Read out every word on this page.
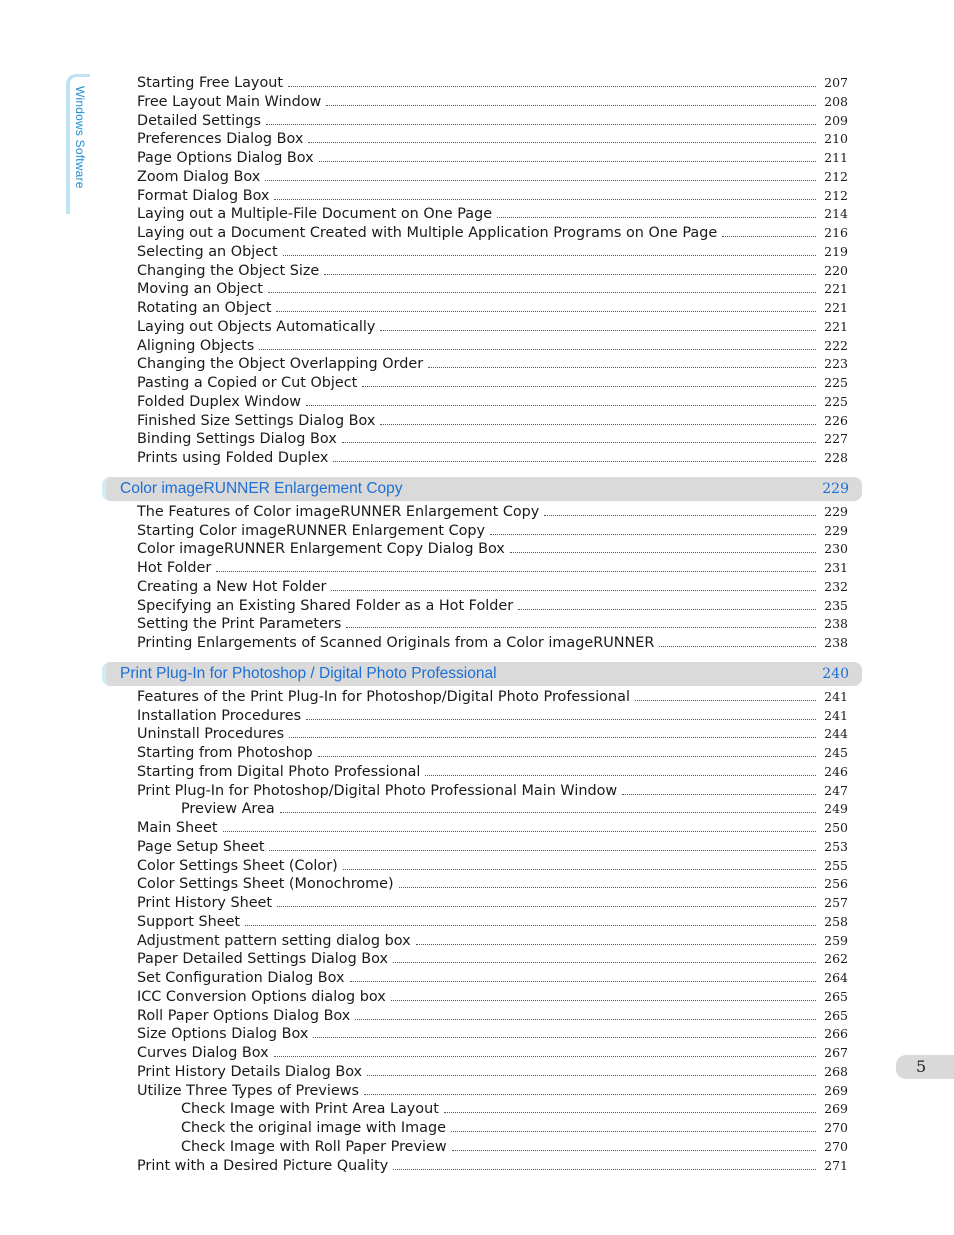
Windows Software
Starting Free Layout	207
Free Layout Main Window	208
Detailed Settings	209
Preferences Dialog Box	210
Page Options Dialog Box	211
Zoom Dialog Box	212
Format Dialog Box	212
Laying out a Multiple-File Document on One Page	214
Laying out a Document Created with Multiple Application Programs on One Page	216
Selecting an Object	219
Changing the Object Size	220
Moving an Object	221
Rotating an Object	221
Laying out Objects Automatically	221
Aligning Objects	222
Changing the Object Overlapping Order	223
Pasting a Copied or Cut Object	225
Folded Duplex Window	225
Finished Size Settings Dialog Box	226
Binding Settings Dialog Box	227
Prints using Folded Duplex	228
Color imageRUNNER Enlargement Copy	229
The Features of Color imageRUNNER Enlargement Copy	229
Starting Color imageRUNNER Enlargement Copy	229
Color imageRUNNER Enlargement Copy Dialog Box	230
Hot Folder	231
Creating a New Hot Folder	232
Specifying an Existing Shared Folder as a Hot Folder	235
Setting the Print Parameters	238
Printing Enlargements of Scanned Originals from a Color imageRUNNER	238
Print Plug-In for Photoshop / Digital Photo Professional	240
Features of the Print Plug-In for Photoshop/Digital Photo Professional	241
Installation Procedures	241
Uninstall Procedures	244
Starting from Photoshop	245
Starting from Digital Photo Professional	246
Print Plug-In for Photoshop/Digital Photo Professional Main Window	247
Preview Area	249
Main Sheet	250
Page Setup Sheet	253
Color Settings Sheet (Color)	255
Color Settings Sheet (Monochrome)	256
Print History Sheet	257
Support Sheet	258
Adjustment pattern setting dialog box	259
Paper Detailed Settings Dialog Box	262
Set Configuration Dialog Box	264
ICC Conversion Options dialog box	265
Roll Paper Options Dialog Box	265
Size Options Dialog Box	266
Curves Dialog Box	267
Print History Details Dialog Box	268
Utilize Three Types of Previews	269
Check Image with Print Area Layout	269
Check the original image with Image	270
Check Image with Roll Paper Preview	270
Print with a Desired Picture Quality	271
5
